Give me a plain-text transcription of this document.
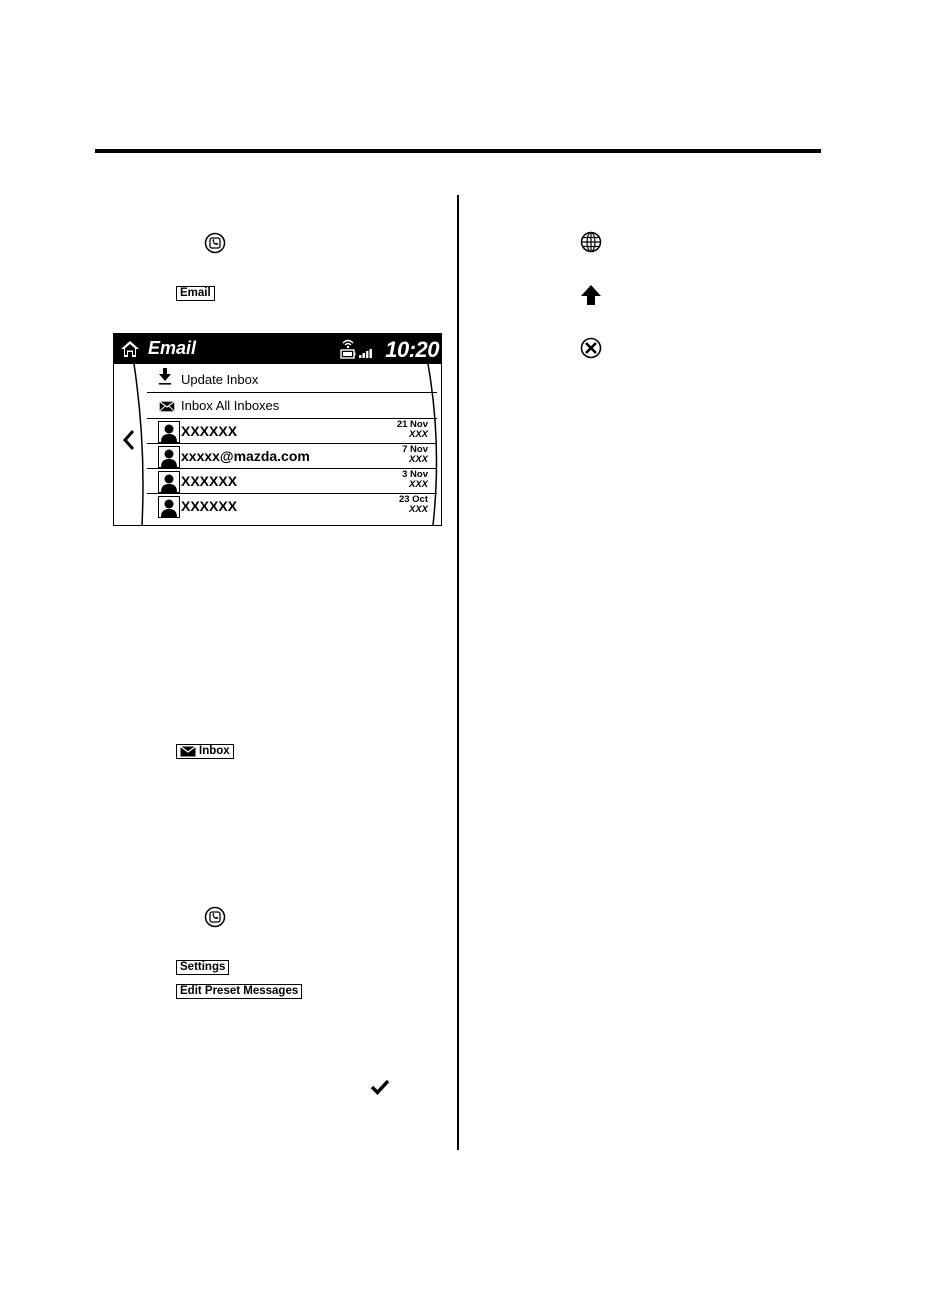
Email
Email	10:20
Update Inbox
Inbox All Inboxes
XXXXXX	21 Nov
XXX
xxxxx@mazda.com	7 Nov
XXX
XXXXXX	3 Nov
XXX
XXXXXX	23 Oct
XXX
Inbox
Settings
Edit Preset Messages
